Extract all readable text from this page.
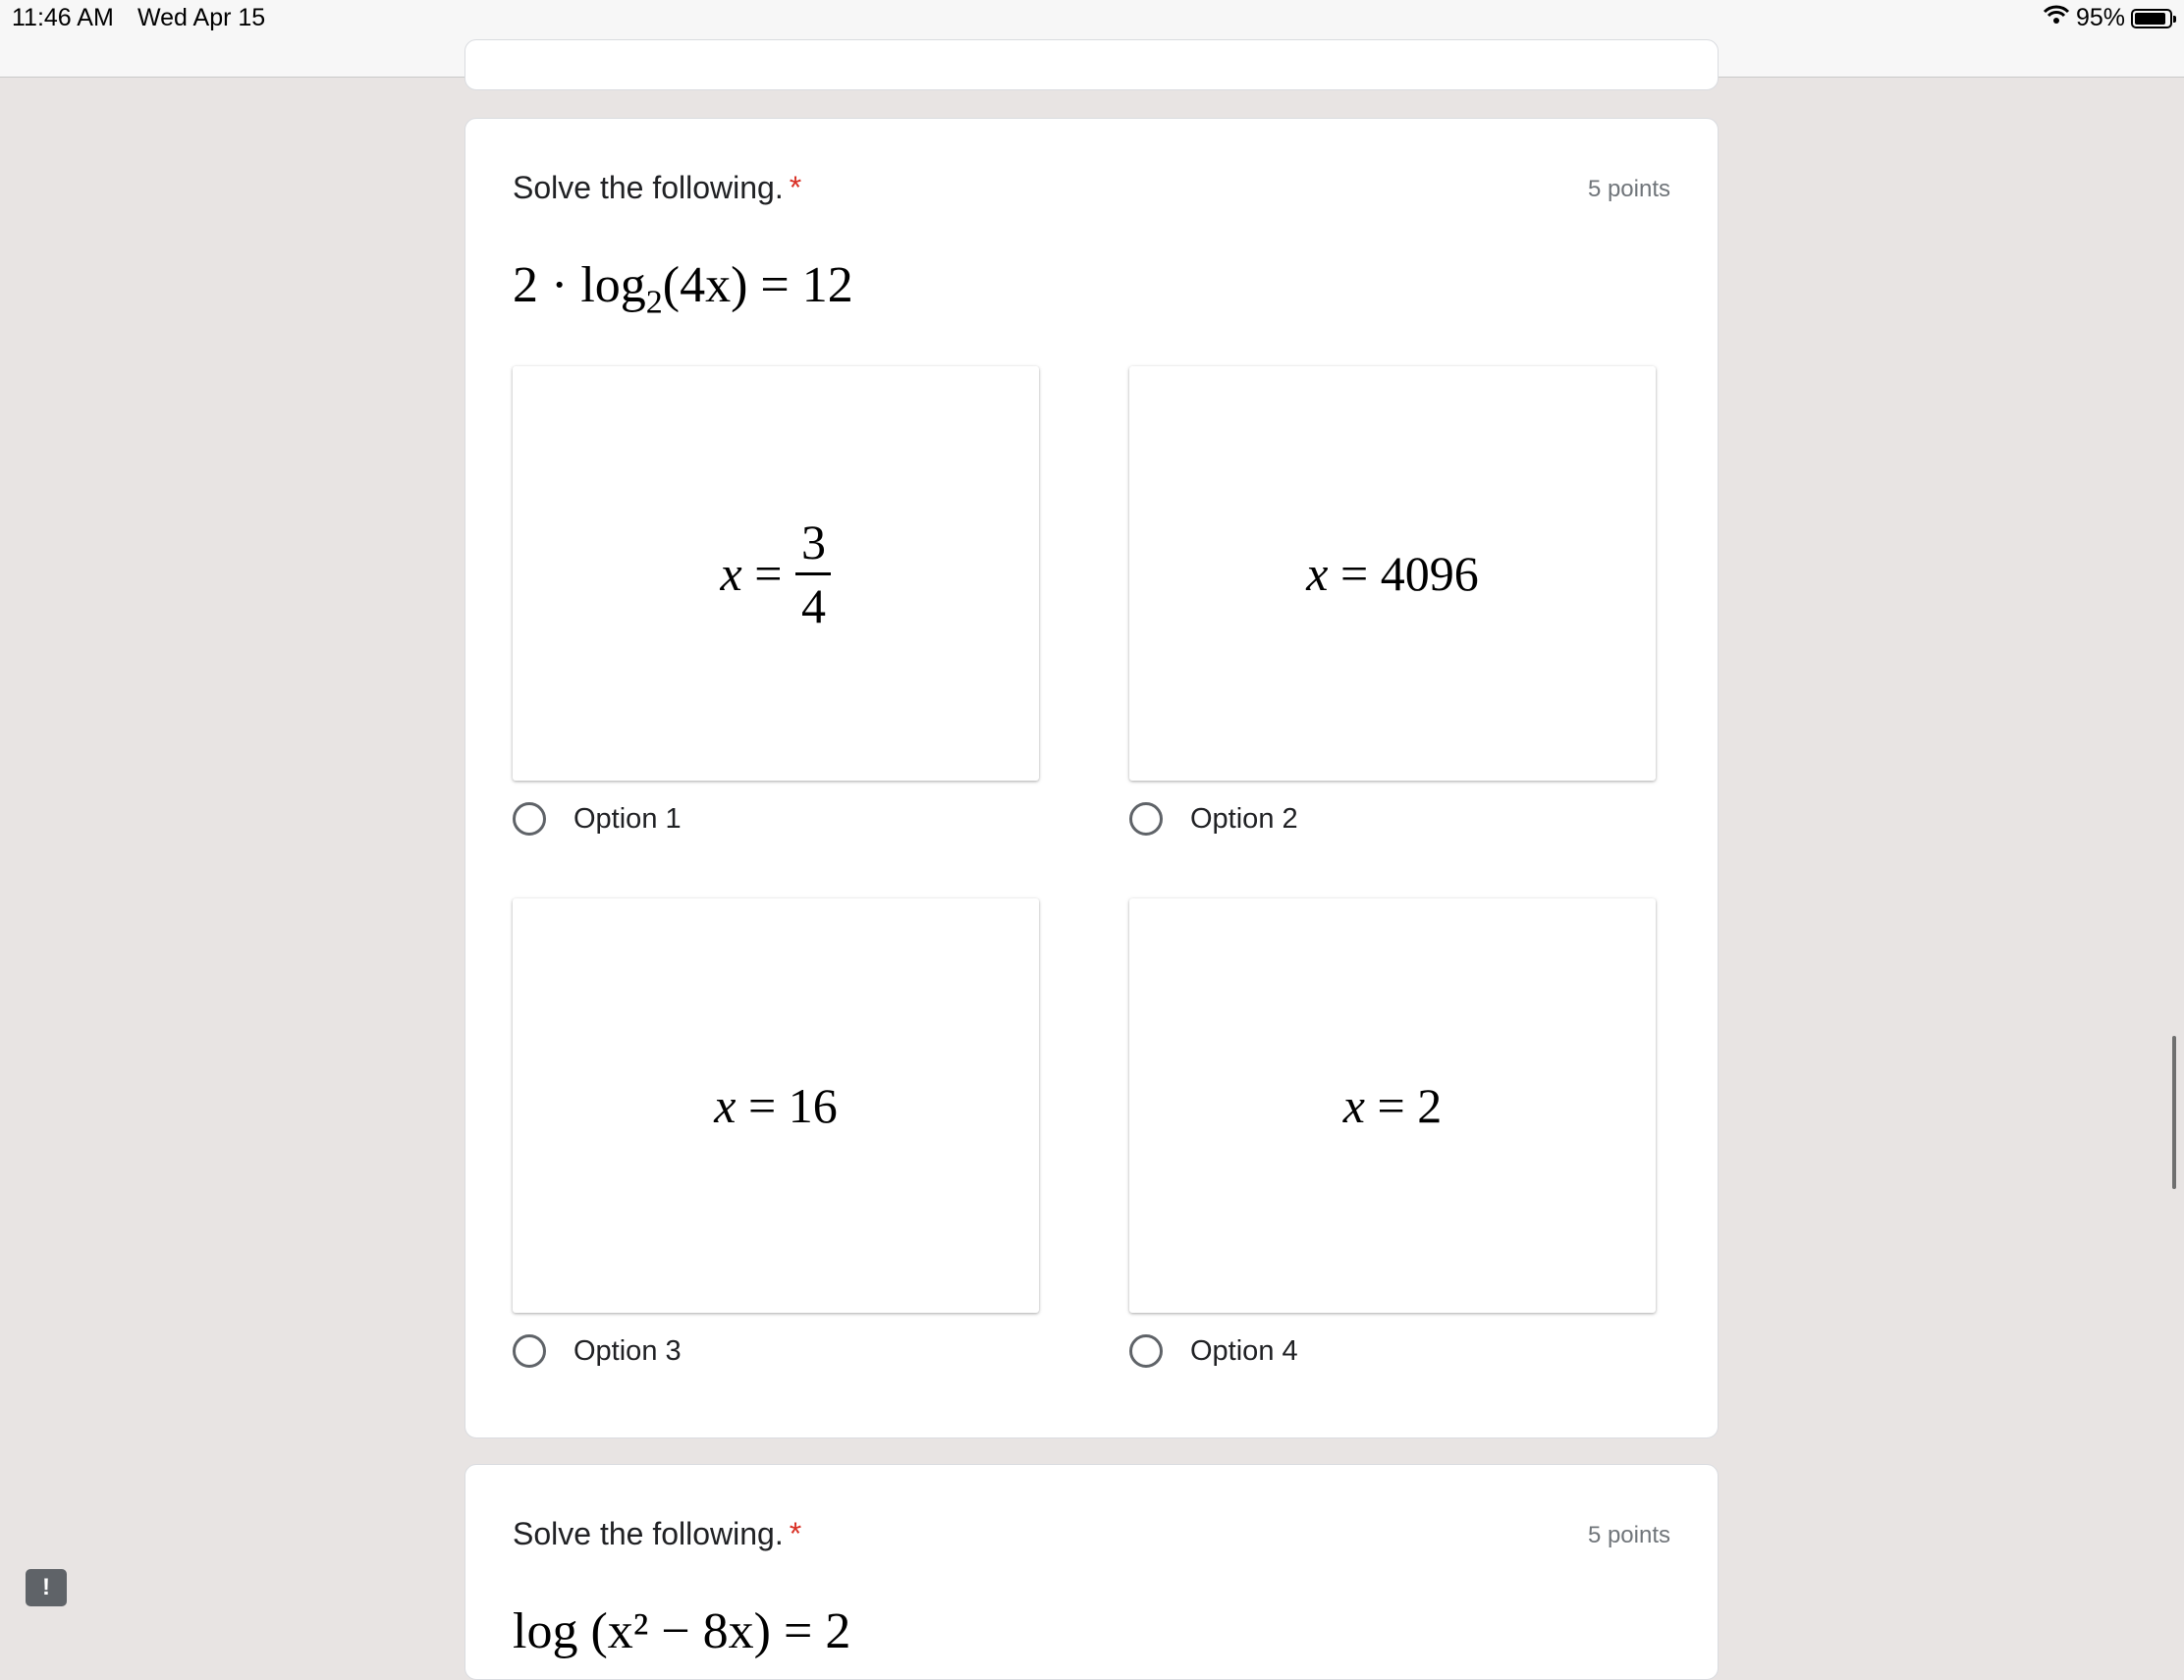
11:46 AM Wed Apr 15	95%
Solve the following. *	5 points
$2 \cdot \log_2(4x) = 12$
x
= $\frac{3}{4}$
Option 1
x
= 4096
Option 2
x
= 16
Option 3
x
= 2
Option 4
Solve the following. *	5 points
log (x² − 8x) = 2
!
